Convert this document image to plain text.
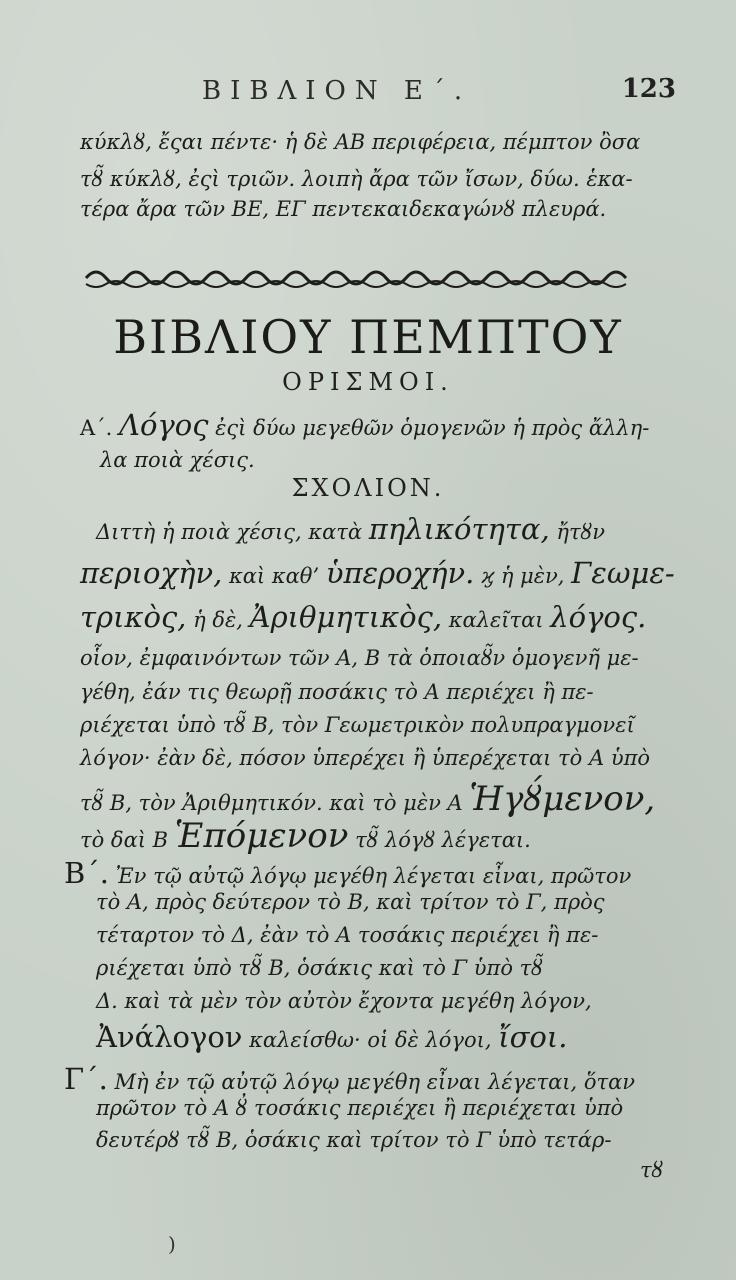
ΒΙΒΛΙΟΝ Ε΄.	123
κύκλȣ, ἔςαι πέντε· ἡ δὲ ΑΒ περιφέρεια, πέμπτον ὂσα
τȣ̃ κύκλȣ, ἐςὶ τριῶν. λοιπὴ ἄρα τῶν ἴσων, δύω. ἑκα-
τέρα ἄρα τῶν ΒΕ, ΕΓ πεντεκαιδεκαγώνȣ πλευρά.
ΒΙΒΛΙΟΥ ΠΕΜΠΤΟΥ
ΟΡΙΣΜΟΙ.
Α΄. Λόγος ἐςὶ δύω μεγεθῶν ὁμογενῶν ἡ πρὸς ἄλλη-
λα ποιὰ χέσις.
ΣΧΟΛΙΟΝ.
Διττὴ ἡ ποιὰ χέσις, κατὰ πηλικότητα, ἤτȣν
περιοχὴν, καὶ καθ’ ὑπεροχήν. ϗ ἡ μὲν, Γεωμε-
τρικὸς, ἡ δὲ, Ἀριθμητικὸς, καλεῖται λόγος.
οἷον, ἐμφαινόντων τῶν Α, Β τὰ ὁποιαȣ̃ν ὁμογενῆ με-
γέθη, ἐάν τις θεωρῇ ποσάκις τὸ Α περιέχει ἢ πε-
ριέχεται ὑπὸ τȣ̃ Β, τὸν Γεωμετρικὸν πολυπραγμονεῖ
λόγον· ἐὰν δὲ, πόσον ὑπερέχει ἢ ὑπερέχεται τὸ Α ὑπὸ
τȣ̃ Β, τὸν Ἀριθμητικόν. καὶ τὸ μὲν Α Ἡγȣ́μενον,
τὸ δαὶ Β Ἑπόμενον τȣ̃ λόγȣ λέγεται.
Β΄. Ἐν τῷ αὐτῷ λόγῳ μεγέθη λέγεται εἶναι, πρῶτον
τὸ Α, πρὸς δεύτερον τὸ Β, καὶ τρίτον τὸ Γ, πρὸς
τέταρτον τὸ Δ, ἐὰν τὸ Α τοσάκις περιέχει ἢ πε-
ριέχεται ὑπὸ τȣ̃ Β, ὁσάκις καὶ τὸ Γ ὑπὸ τȣ̃
Δ. καὶ τὰ μὲν τὸν αὐτὸν ἔχοντα μεγέθη λόγον,
Ἀνάλογον καλείσθω· οἱ δὲ λόγοι, ἴσοι.
Γ΄. Μὴ ἐν τῷ αὐτῷ λόγῳ μεγέθη εἶναι λέγεται, ὅταν
πρῶτον τὸ Α ȣ̓ τοσάκις περιέχει ἢ περιέχεται ὑπὸ
δευτέρȣ τȣ̃ Β, ὁσάκις καὶ τρίτον τὸ Γ ὑπὸ τετάρ-
τȣ
)
